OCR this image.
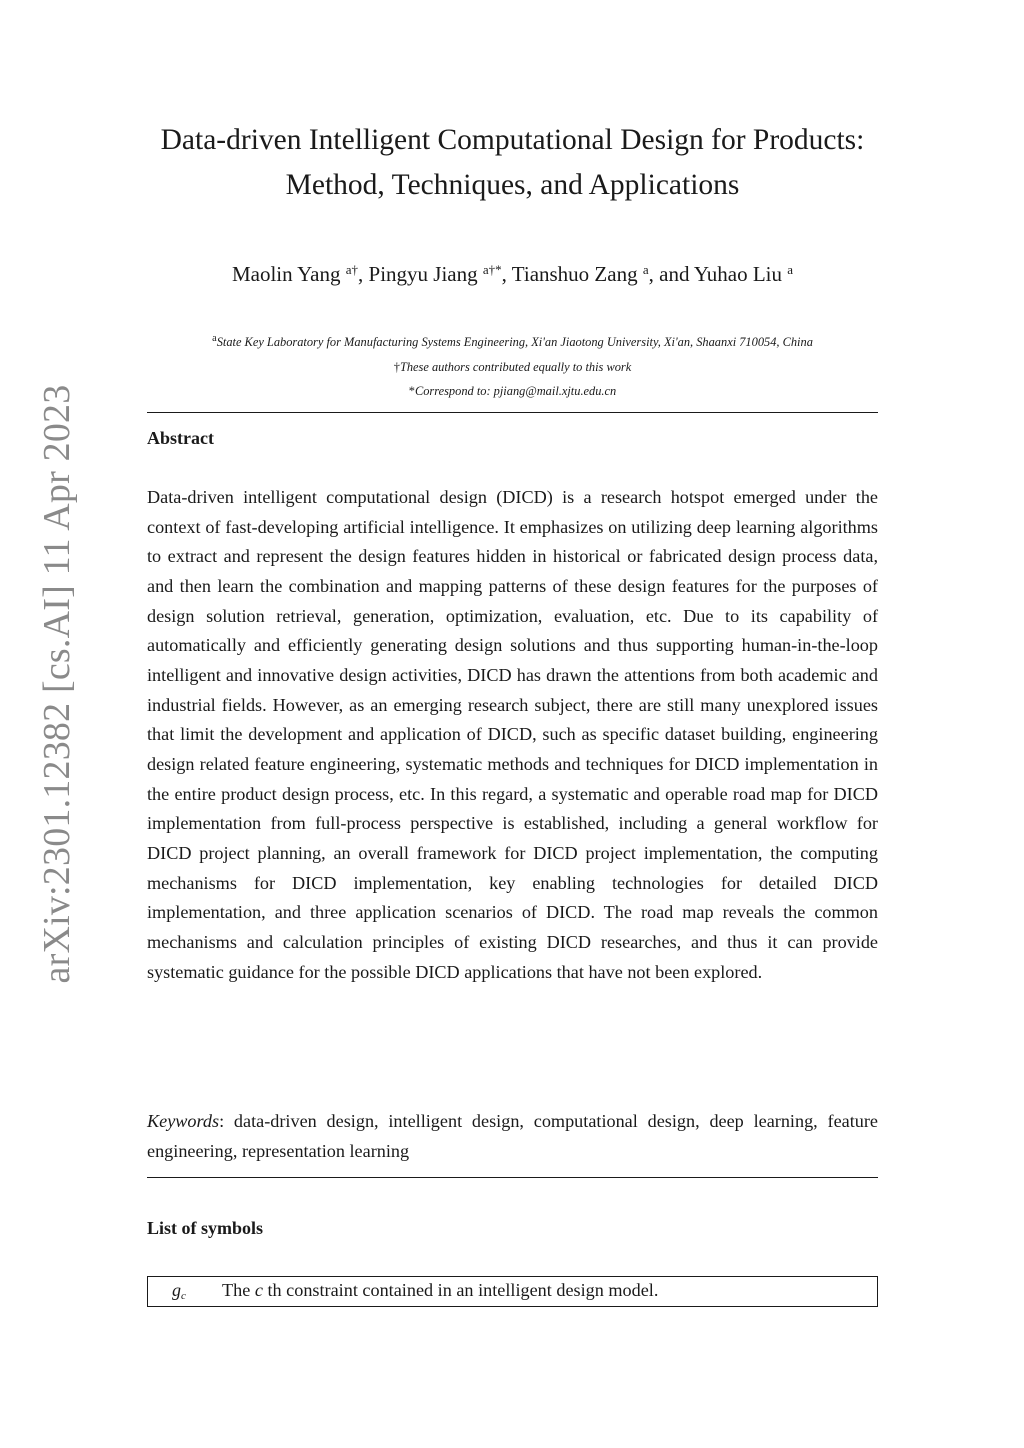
arXiv:2301.12382 [cs.AI] 11 Apr 2023
Data-driven Intelligent Computational Design for Products:
Method, Techniques, and Applications
Maolin Yang $^{a\dagger}$, Pingyu Jiang $^{a\dagger*}$, Tianshuo Zang $^a$, and Yuhao Liu $^a$
$^a$State Key Laboratory for Manufacturing Systems Engineering, Xi'an Jiaotong University, Xi'an, Shaanxi 710054, China
†These authors contributed equally to this work
*Correspond to: pjiang@mail.xjtu.edu.cn
Abstract

Data-driven intelligent computational design (DICD) is a research hotspot emerged under the context of fast-developing artificial intelligence. It emphasizes on utilizing deep learning algorithms to extract and represent the design features hidden in historical or fabricated design process data, and then learn the combination and mapping patterns of these design features for the purposes of design solution retrieval, generation, optimization, evaluation, etc. Due to its capability of automatically and efficiently generating design solutions and thus supporting human-in-the-loop intelligent and innovative design activities, DICD has drawn the attentions from both academic and industrial fields. However, as an emerging research subject, there are still many unexplored issues that limit the development and application of DICD, such as specific dataset building, engineering design related feature engineering, systematic methods and techniques for DICD implementation in the entire product design process, etc. In this regard, a systematic and operable road map for DICD implementation from full-process perspective is established, including a general workflow for DICD project planning, an overall framework for DICD project implementation, the computing mechanisms for DICD implementation, key enabling technologies for detailed DICD implementation, and three application scenarios of DICD. The road map reveals the common mechanisms and calculation principles of existing DICD researches, and thus it can provide systematic guidance for the possible DICD applications that have not been explored.

Keywords: data-driven design, intelligent design, computational design, deep learning, feature engineering, representation learning

List of symbols
$g_c$ The c th constraint contained in an intelligent design model.
